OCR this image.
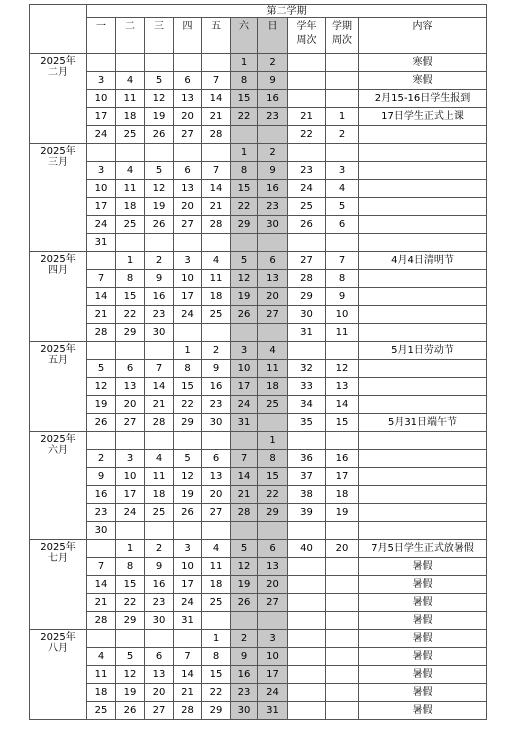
	第二学期									
	一	二	三	四	五	六	日	学年
周次	学期
周次	内容
2025年
二月						1	2			寒假
	3	4	5	6	7	8	9			寒假
	10	11	12	13	14	15	16			2月15-16日学生报到
	17	18	19	20	21	22	23	21	1	17日学生正式上课
	24	25	26	27	28			22	2	
2025年
三月						1	2			
	3	4	5	6	7	8	9	23	3	
	10	11	12	13	14	15	16	24	4	
	17	18	19	20	21	22	23	25	5	
	24	25	26	27	28	29	30	26	6	
	31									
2025年
四月		1	2	3	4	5	6	27	7	4月4日清明节
	7	8	9	10	11	12	13	28	8	
	14	15	16	17	18	19	20	29	9	
	21	22	23	24	25	26	27	30	10	
	28	29	30					31	11	
2025年
五月				1	2	3	4			5月1日劳动节
	5	6	7	8	9	10	11	32	12	
	12	13	14	15	16	17	18	33	13	
	19	20	21	22	23	24	25	34	14	
	26	27	28	29	30	31		35	15	5月31日端午节
2025年
六月							1			
	2	3	4	5	6	7	8	36	16	
	9	10	11	12	13	14	15	37	17	
	16	17	18	19	20	21	22	38	18	
	23	24	25	26	27	28	29	39	19	
	30									
2025年
七月		1	2	3	4	5	6	40	20	7月5日学生正式放暑假
	7	8	9	10	11	12	13			暑假
	14	15	16	17	18	19	20			暑假
	21	22	23	24	25	26	27			暑假
	28	29	30	31						暑假
2025年
八月					1	2	3			暑假
	4	5	6	7	8	9	10			暑假
	11	12	13	14	15	16	17			暑假
	18	19	20	21	22	23	24			暑假
	25	26	27	28	29	30	31			暑假
